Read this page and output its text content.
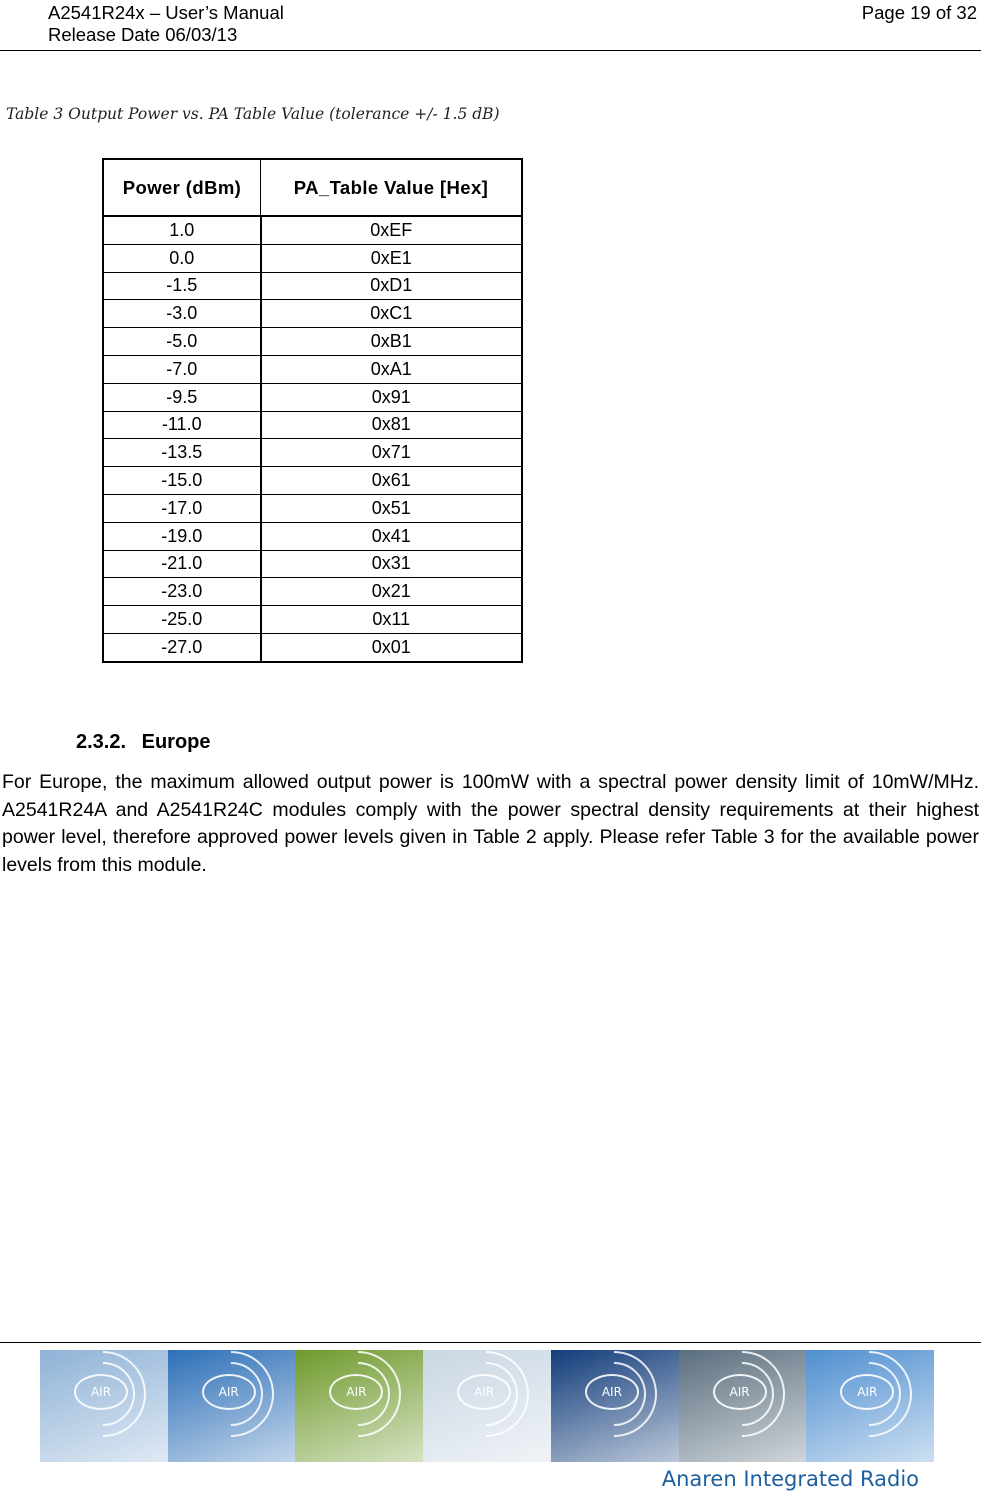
A2541R24x – User’s Manual
Release Date 06/03/13
Page 19 of 32
Table 3 Output Power vs. PA Table Value (tolerance +/- 1.5 dB)
Power (dBm)	PA_Table Value [Hex]
1.0	0xEF
0.0	0xE1
-1.5	0xD1
-3.0	0xC1
-5.0	0xB1
-7.0	0xA1
-9.5	0x91
-11.0	0x81
-13.5	0x71
-15.0	0x61
-17.0	0x51
-19.0	0x41
-21.0	0x31
-23.0	0x21
-25.0	0x11
-27.0	0x01
2.3.2. Europe
For Europe, the maximum allowed output power is 100mW with a spectral power density limit of 10mW/MHz. A2541R24A and A2541R24C modules comply with the power spectral density requirements at their highest power level, therefore approved power levels given in Table 2 apply. Please refer Table 3 for the available power levels from this module.
AIR	AIR	AIR	AIR	AIR	AIR	AIR
Anaren Integrated Radio
